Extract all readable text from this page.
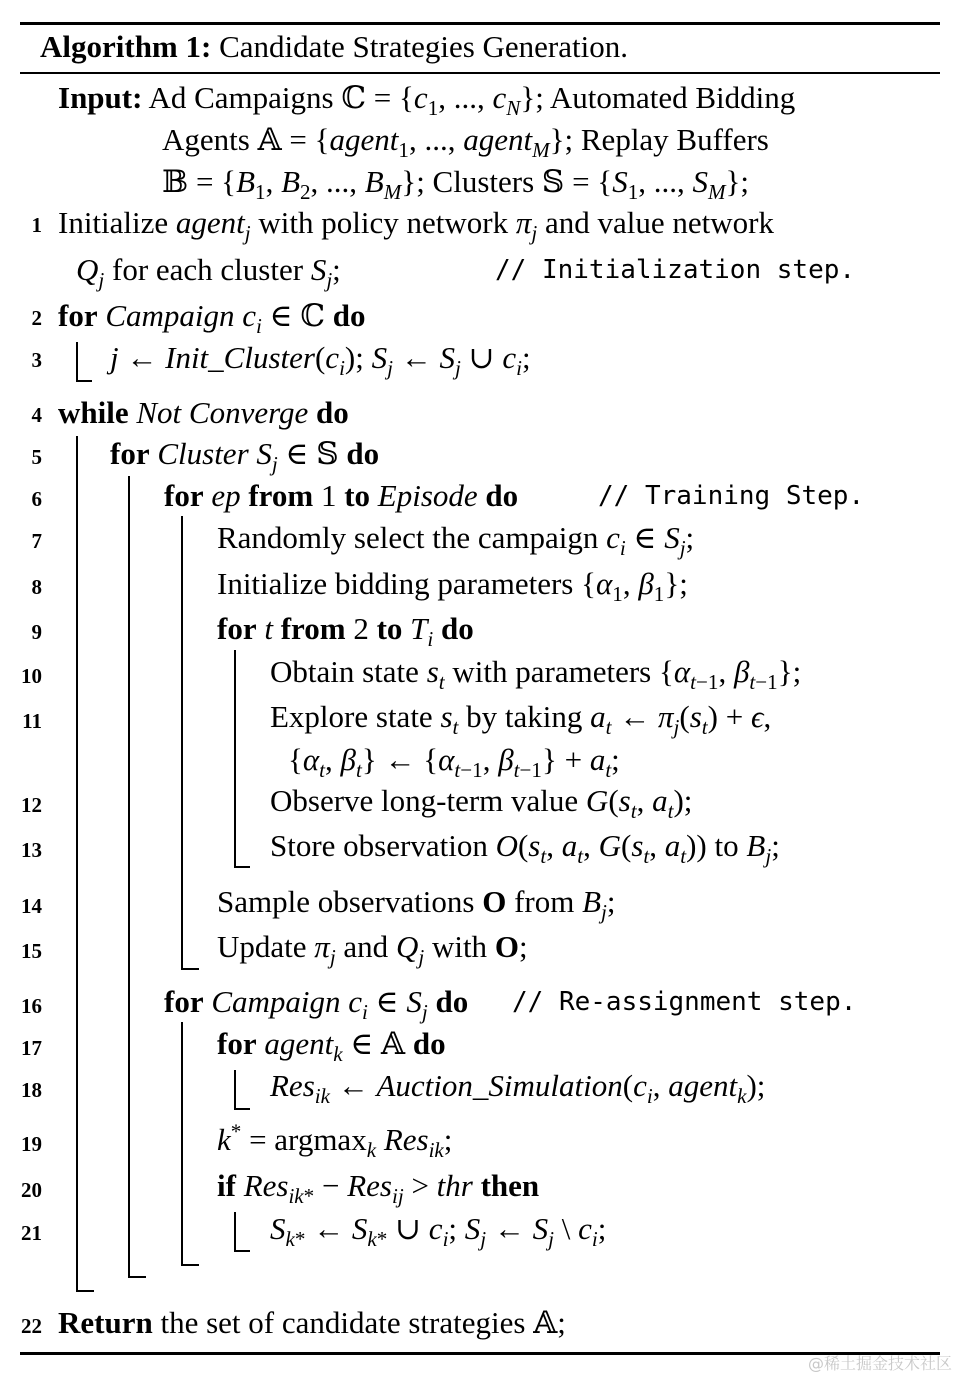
Algorithm 1: Candidate Strategies Generation.
Input: Ad Campaigns ℂ = {$c_1$, ..., $c_N$}; Automated Bidding
Agents 𝔸 = {agent$_1$, ..., agent$_M$}; Replay Buffers
𝔹 = {$B_1$, $B_2$, ..., $B_M$}; Clusters 𝕊 = {$S_1$, ..., $S_M$};
1 Initialize agent$_j$ with policy network $\pi_j$ and value network
$Q_j$ for each cluster $S_j$;	// Initialization step.
2 for Campaign $c_i$ ∈ ℂ do
3 j ← $Init\_Cluster(c_i)$; $S_j$ ← $S_j$ ∪ $c_i$;
4 while Not Converge do
5 for Cluster $S_j$ ∈ 𝕊 do
6	for ep from 1 to Episode do	// Training Step.
7	Randomly select the campaign $c_i$ ∈ $S_j$;
8	Initialize bidding parameters {$\alpha_1$, $\beta_1$};
9	for t from 2 to $T_i$ do
10	Obtain state $s_t$ with parameters {$\alpha_{t-1}$, $\beta_{t-1}$};
11	Explore state $s_t$ by taking $a_t$ ← $\pi_j(s_t) + \epsilon$,
{$\alpha_t$, $\beta_t$} ← {$\alpha_{t-1}$, $\beta_{t-1}\} + a_t$;
12	Observe long-term value $G(s_t$, $a_t$);
13	Store observation $O(s_t$, $a_t$, $G(s_t$, $a_t$)) to $B_j$;
14	Sample observations O from $B_j$;
15	Update $\pi_j$ and $Q_j$ with O;
16	for Campaign $c_i$ ∈ $S_j$ do // Re-assignment step.
17	for agent$_k$ ∈ 𝔸 do
18	Res$_{ik}$ ← $Auction\_Simulation(c_i$, agent$_k$);
19	k* = argmax$_k$ Res$_{ik}$;
20	if Res$_{ik*}$ − Res$_{ij}$ > thr then
21	$S_{k*}$ ← $S_{k*}$ ∪ $c_i$; $S_j$ ← $S_j$ \ $c_i$;
22 Return the set of candidate strategies 𝔸;
@稀土掘金技术社区
